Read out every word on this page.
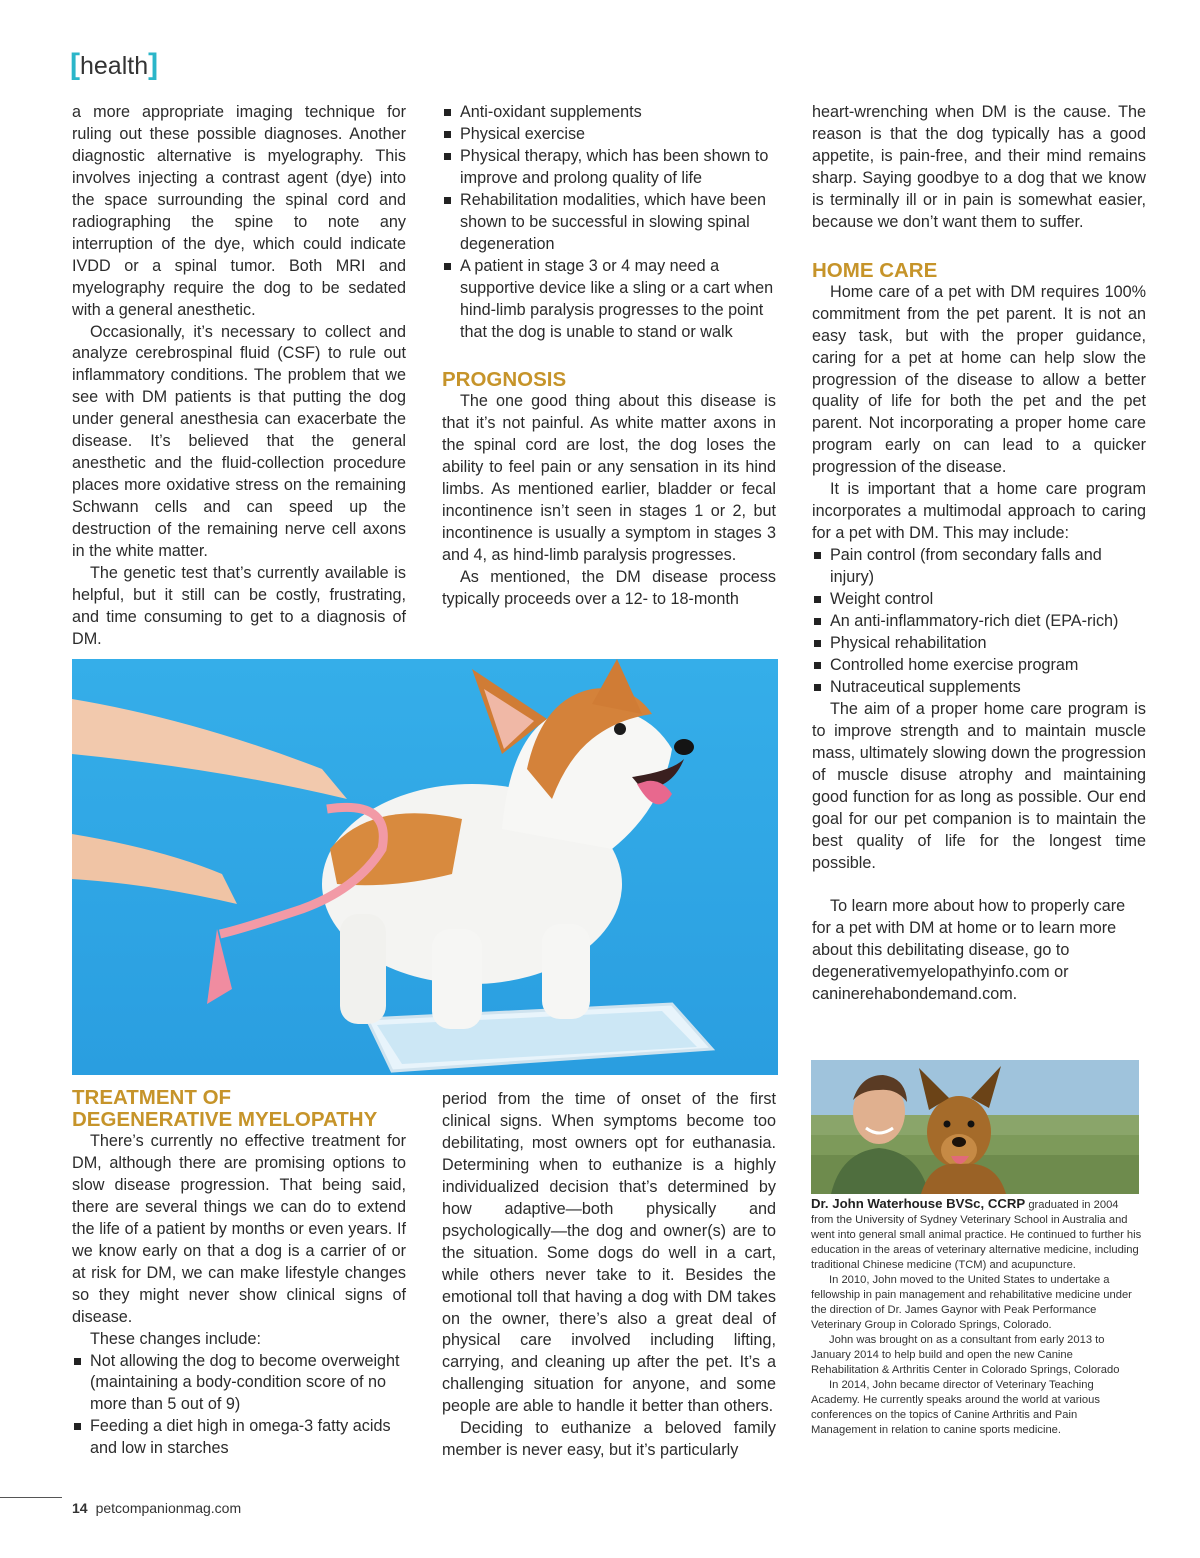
[health]

a more appropriate imaging technique for ruling out these possible diagnoses. Another diagnostic alternative is myelography. This involves injecting a contrast agent (dye) into the space surrounding the spinal cord and radiographing the spine to note any interruption of the dye, which could indicate IVDD or a spinal tumor. Both MRI and myelography require the dog to be sedated with a general anesthetic.

Occasionally, it’s necessary to collect and analyze cerebrospinal fluid (CSF) to rule out inflammatory conditions. The problem that we see with DM patients is that putting the dog under general anesthesia can exacerbate the disease. It’s believed that the general anesthetic and the fluid-collection procedure places more oxidative stress on the remaining Schwann cells and can speed up the destruction of the remaining nerve cell axons in the white matter.

The genetic test that’s currently available is helpful, but it still can be costly, frustrating, and time consuming to get to a diagnosis of DM.

Anti-oxidant supplements
Physical exercise
Physical therapy, which has been shown to improve and prolong quality of life
Rehabilitation modalities, which have been shown to be successful in slowing spinal degeneration
A patient in stage 3 or 4 may need a supportive device like a sling or a cart when hind-limb paralysis progresses to the point that the dog is unable to stand or walk
PROGNOSIS

The one good thing about this disease is that it’s not painful. As white matter axons in the spinal cord are lost, the dog loses the ability to feel pain or any sensation in its hind limbs. As mentioned earlier, bladder or fecal incontinence isn’t seen in stages 1 or 2, but incontinence is usually a symptom in stages 3 and 4, as hind-limb paralysis progresses.

As mentioned, the DM disease process typically proceeds over a 12- to 18-month

heart-wrenching when DM is the cause. The reason is that the dog typically has a good appetite, is pain-free, and their mind remains sharp. Saying goodbye to a dog that we know is terminally ill or in pain is somewhat easier, because we don’t want them to suffer.

HOME CARE

Home care of a pet with DM requires 100% commitment from the pet parent. It is not an easy task, but with the proper guidance, caring for a pet at home can help slow the progression of the disease to allow a better quality of life for both the pet and the pet parent. Not incorporating a proper home care program early on can lead to a quicker progression of the disease.

It is important that a home care program incorporates a multimodal approach to caring for a pet with DM. This may include:

Pain control (from secondary falls and injury)
Weight control
An anti-inflammatory-rich diet (EPA-rich)
Physical rehabilitation
Controlled home exercise program
Nutraceutical supplements

The aim of a proper home care program is to improve strength and to maintain muscle mass, ultimately slowing down the progression of muscle disuse atrophy and maintaining good function for as long as possible. Our end goal for our pet companion is to maintain the best quality of life for the longest time possible.

To learn more about how to properly care for a pet with DM at home or to learn more about this debilitating disease, go to
degenerativemyelopathyinfo.com or
caninerehabondemand.com.

TREATMENT OF
DEGENERATIVE MYELOPATHY

There’s currently no effective treatment for DM, although there are promising options to slow disease progression. That being said, there are several things we can do to extend the life of a patient by months or even years. If we know early on that a dog is a carrier of or at risk for DM, we can make lifestyle changes so they might never show clinical signs of disease.

These changes include:

Not allowing the dog to become overweight (maintaining a body-condition score of no more than 5 out of 9)
Feeding a diet high in omega-3 fatty acids and low in starches

period from the time of onset of the first clinical signs. When symptoms become too debilitating, most owners opt for euthanasia. Determining when to euthanize is a highly individualized decision that’s determined by how adaptive—both physically and psychologically—the dog and owner(s) are to the situation. Some dogs do well in a cart, while others never take to it. Besides the emotional toll that having a dog with DM takes on the owner, there’s also a great deal of physical care involved including lifting, carrying, and cleaning up after the pet. It’s a challenging situation for anyone, and some people are able to handle it better than others.

Deciding to euthanize a beloved family member is never easy, but it’s particularly

Dr. John Waterhouse BVSc, CCRP graduated in 2004 from the University of Sydney Veterinary School in Australia and went into general small animal practice. He continued to further his education in the areas of veterinary alternative medicine, including traditional Chinese medicine (TCM) and acupuncture.

In 2010, John moved to the United States to undertake a fellowship in pain management and rehabilitative medicine under the direction of Dr. James Gaynor with Peak Performance Veterinary Group in Colorado Springs, Colorado.

John was brought on as a consultant from early 2013 to January 2014 to help build and open the new Canine Rehabilitation & Arthritis Center in Colorado Springs, Colorado

In 2014, John became director of Veterinary Teaching Academy. He currently speaks around the world at various conferences on the topics of Canine Arthritis and Pain Management in relation to canine sports medicine.

14 petcompanionmag.com
